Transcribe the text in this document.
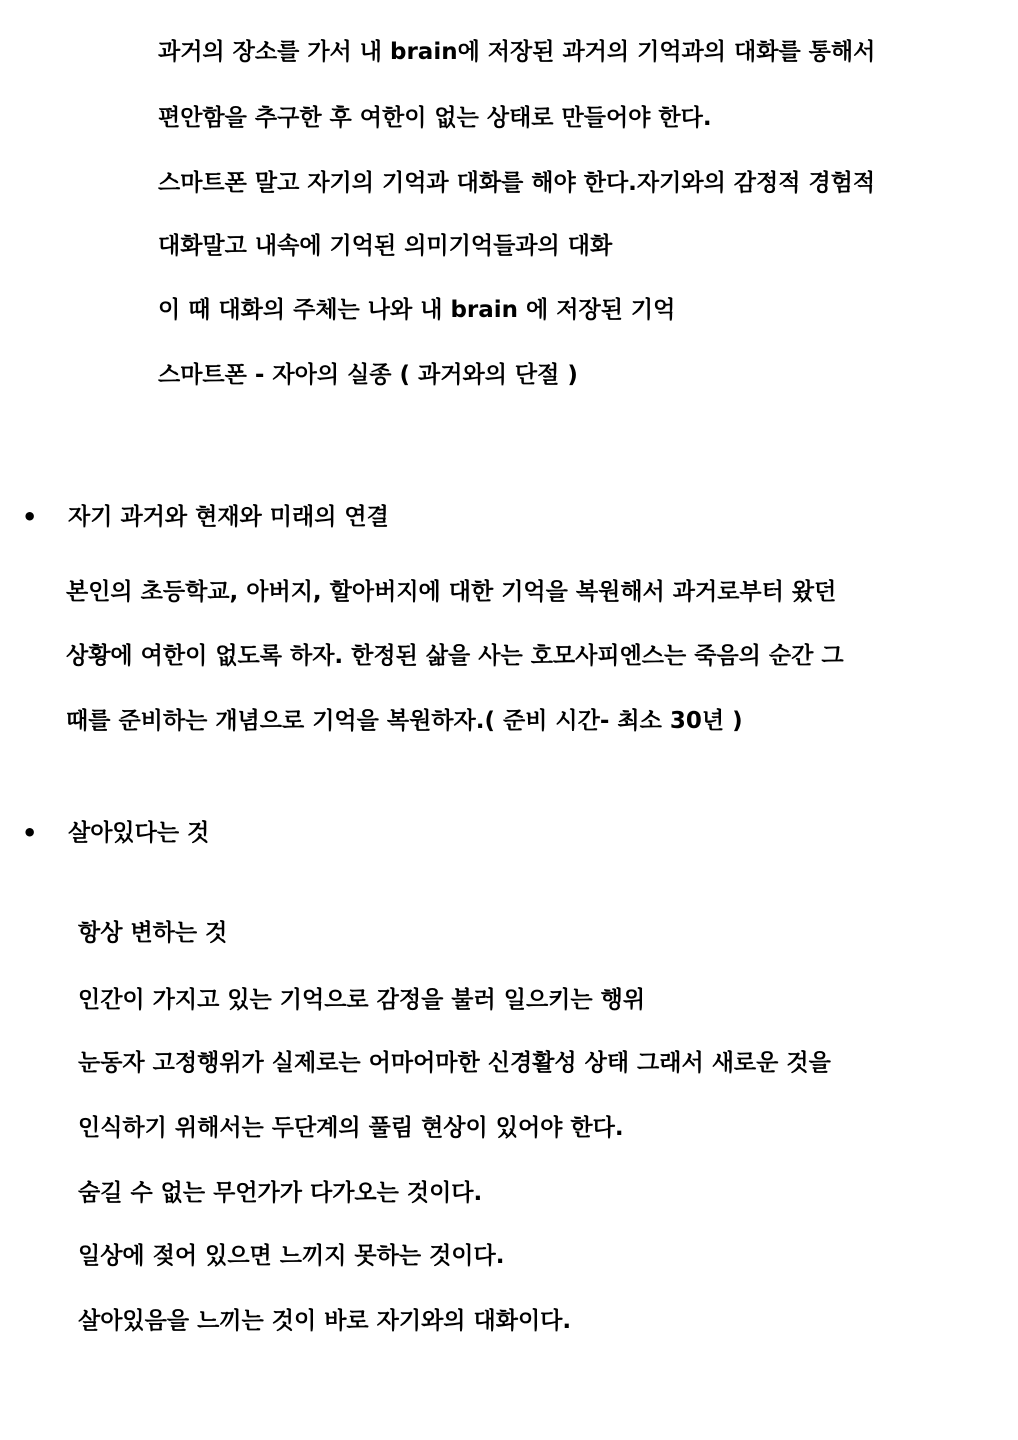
과거의 장소를 가서 내 brain에 저장된 과거의 기억과의 대화를 통해서
편안함을 추구한 후 여한이 없는 상태로 만들어야 한다.
스마트폰 말고 자기의 기억과 대화를 해야 한다.자기와의 감정적 경험적
대화말고 내속에 기억된 의미기억들과의 대화
이 때 대화의 주체는 나와 내 brain 에 저장된 기억
스마트폰 - 자아의 실종 ( 과거와의 단절 )
• 자기 과거와 현재와 미래의 연결
본인의 초등학교, 아버지, 할아버지에 대한 기억을 복원해서 과거로부터 왔던
상황에 여한이 없도록 하자. 한정된 삶을 사는 호모사피엔스는 죽음의 순간 그
때를 준비하는 개념으로 기억을 복원하자.( 준비 시간- 최소 30년 )
• 살아있다는 것
항상 변하는 것
인간이 가지고 있는 기억으로 감정을 불러 일으키는 행위
눈동자 고정행위가 실제로는 어마어마한 신경활성 상태 그래서 새로운 것을
인식하기 위해서는 두단계의 풀림 현상이 있어야 한다.
숨길 수 없는 무언가가 다가오는 것이다.
일상에 젖어 있으면 느끼지 못하는 것이다.
살아있음을 느끼는 것이 바로 자기와의 대화이다.
